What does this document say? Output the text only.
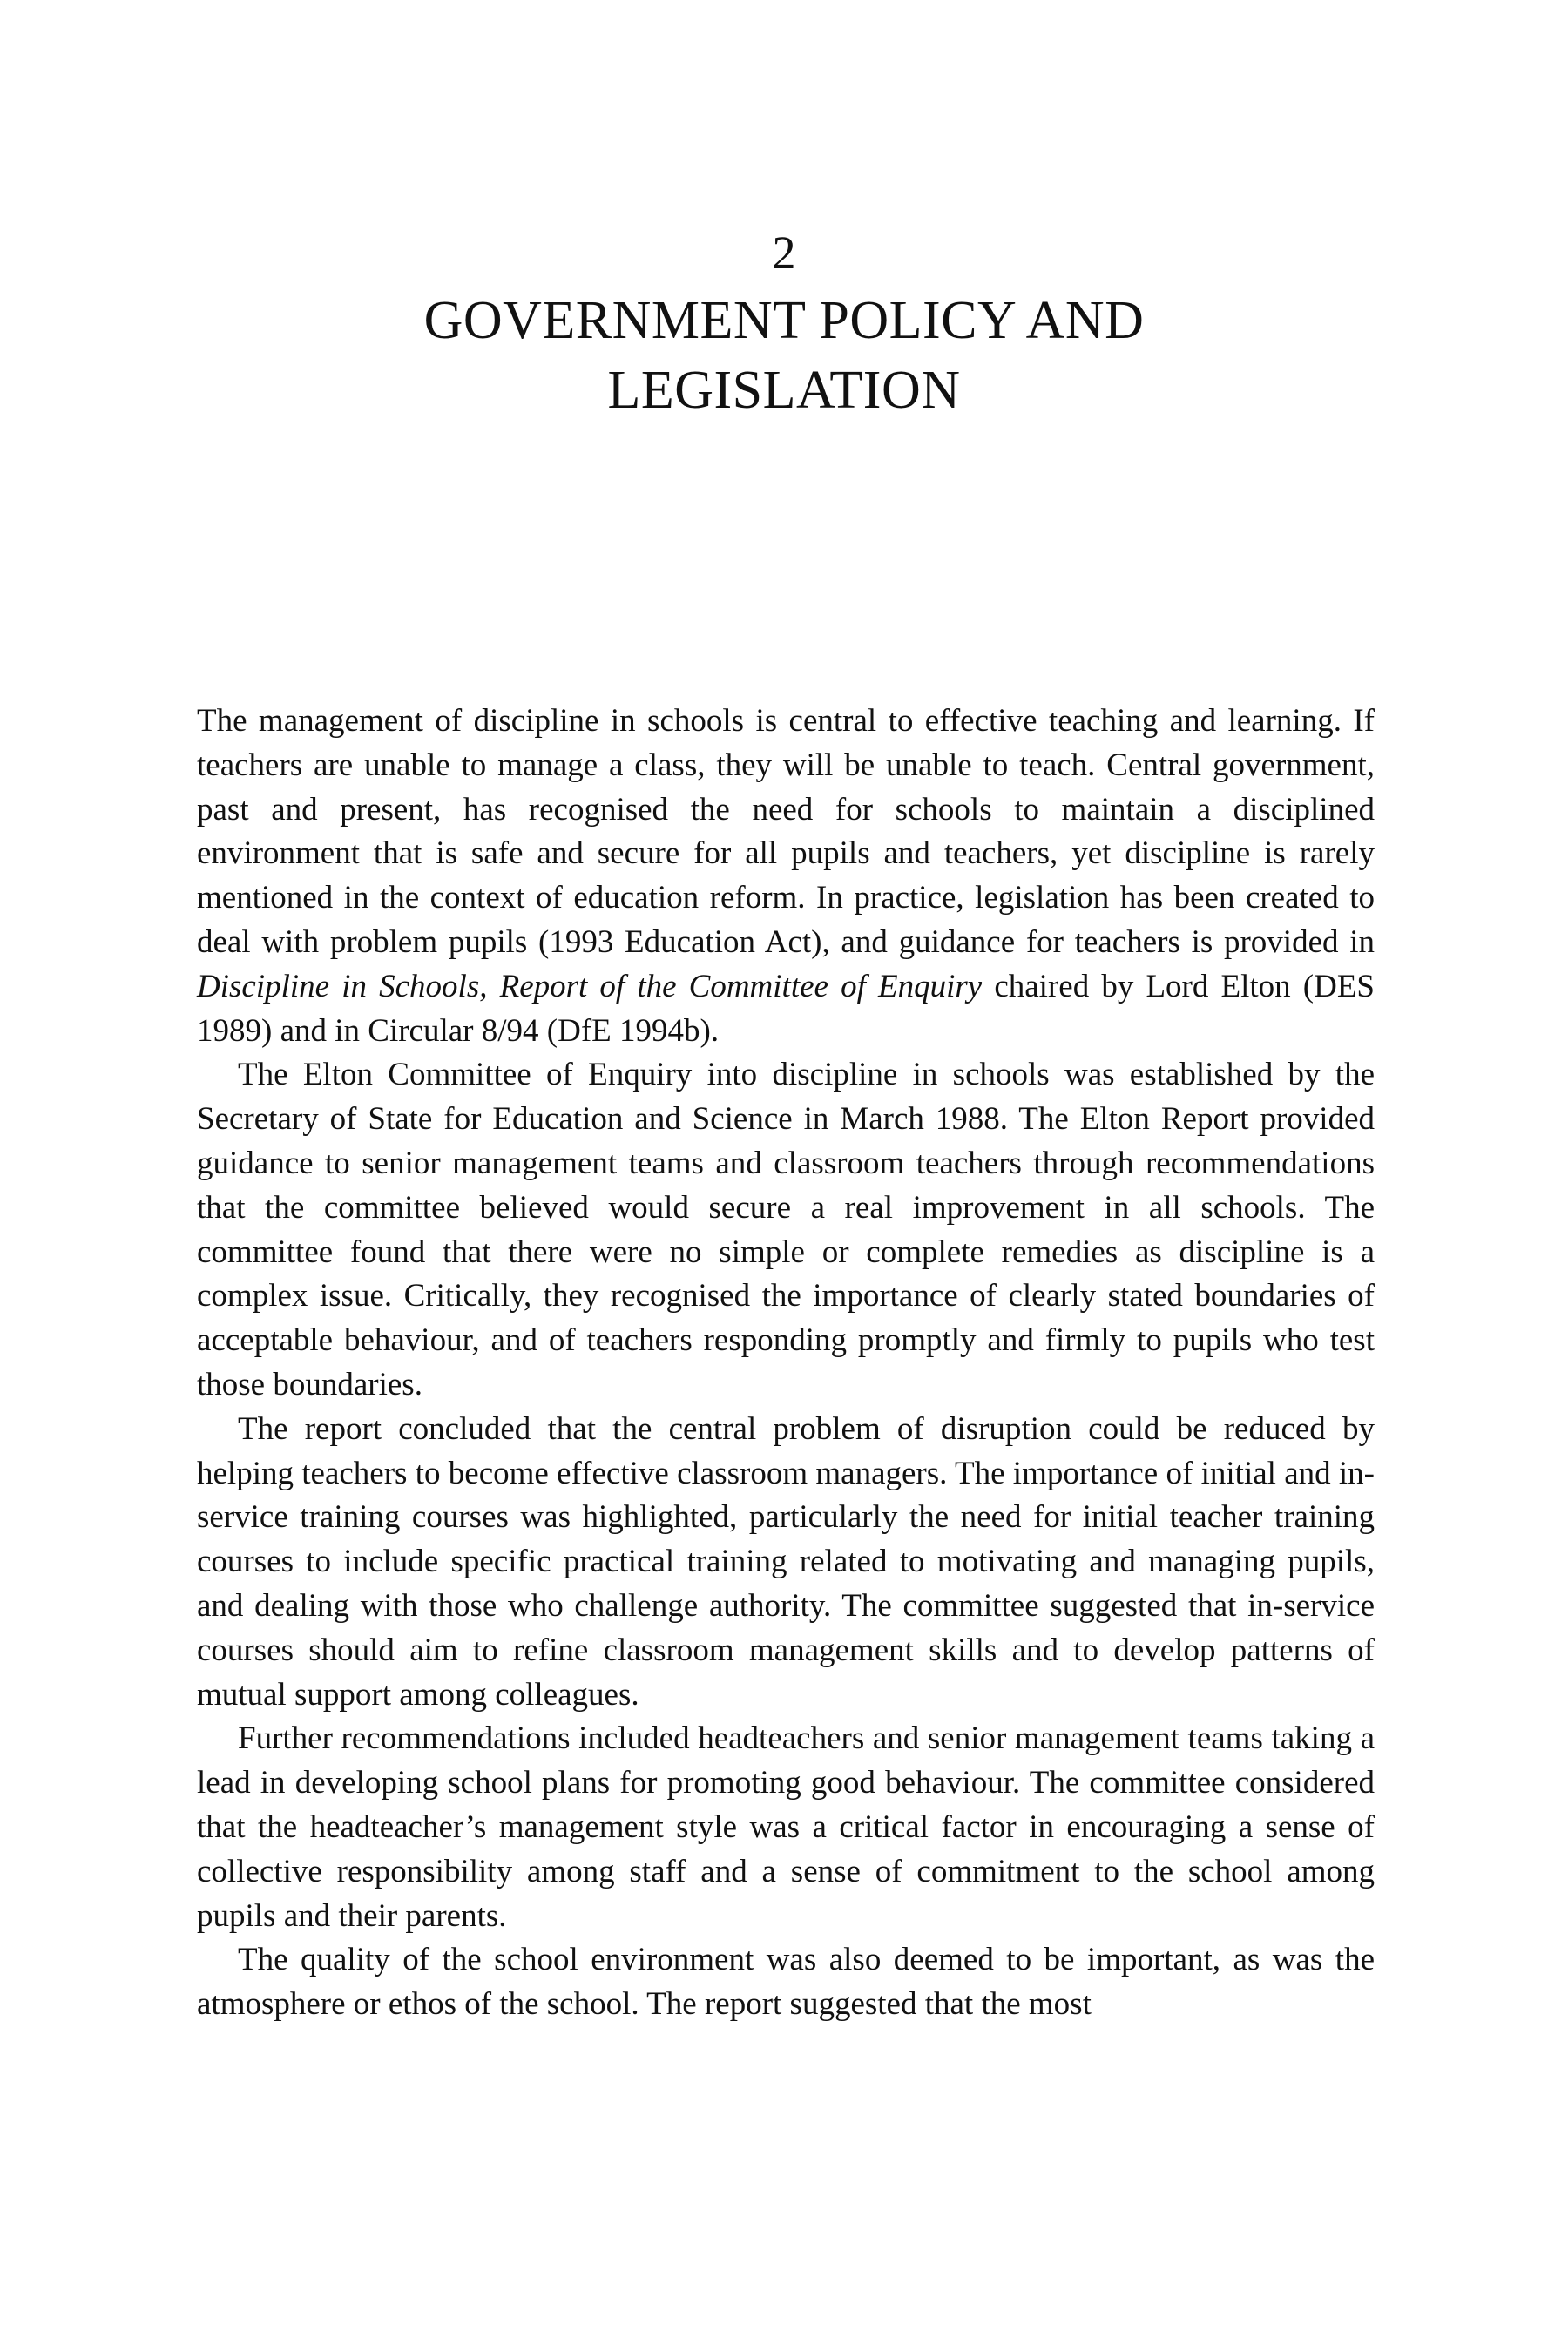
2
GOVERNMENT POLICY AND
LEGISLATION

The management of discipline in schools is central to effective teaching and learning. If teachers are unable to manage a class, they will be unable to teach. Central government, past and present, has recognised the need for schools to maintain a disciplined environment that is safe and secure for all pupils and teachers, yet discipline is rarely mentioned in the context of education reform. In practice, legislation has been created to deal with problem pupils (1993 Education Act), and guidance for teachers is provided in Discipline in Schools, Report of the Committee of Enquiry chaired by Lord Elton (DES 1989) and in Circular 8/94 (DfE 1994b).

The Elton Committee of Enquiry into discipline in schools was established by the Secretary of State for Education and Science in March 1988. The Elton Report provided guidance to senior management teams and classroom teachers through recommendations that the committee believed would secure a real improvement in all schools. The committee found that there were no simple or complete remedies as discipline is a complex issue. Critically, they recognised the importance of clearly stated boundaries of acceptable behaviour, and of teachers responding promptly and firmly to pupils who test those boundaries.

The report concluded that the central problem of disruption could be reduced by helping teachers to become effective classroom managers. The importance of initial and in-service training courses was highlighted, particularly the need for initial teacher training courses to include specific practical training related to motivating and managing pupils, and dealing with those who challenge authority. The committee suggested that in-service courses should aim to refine classroom management skills and to develop patterns of mutual support among colleagues.

Further recommendations included headteachers and senior management teams taking a lead in developing school plans for promoting good behaviour. The committee considered that the headteacher’s management style was a critical factor in encouraging a sense of collective responsibility among staff and a sense of commitment to the school among pupils and their parents.

The quality of the school environment was also deemed to be important, as was the atmosphere or ethos of the school. The report suggested that the most
